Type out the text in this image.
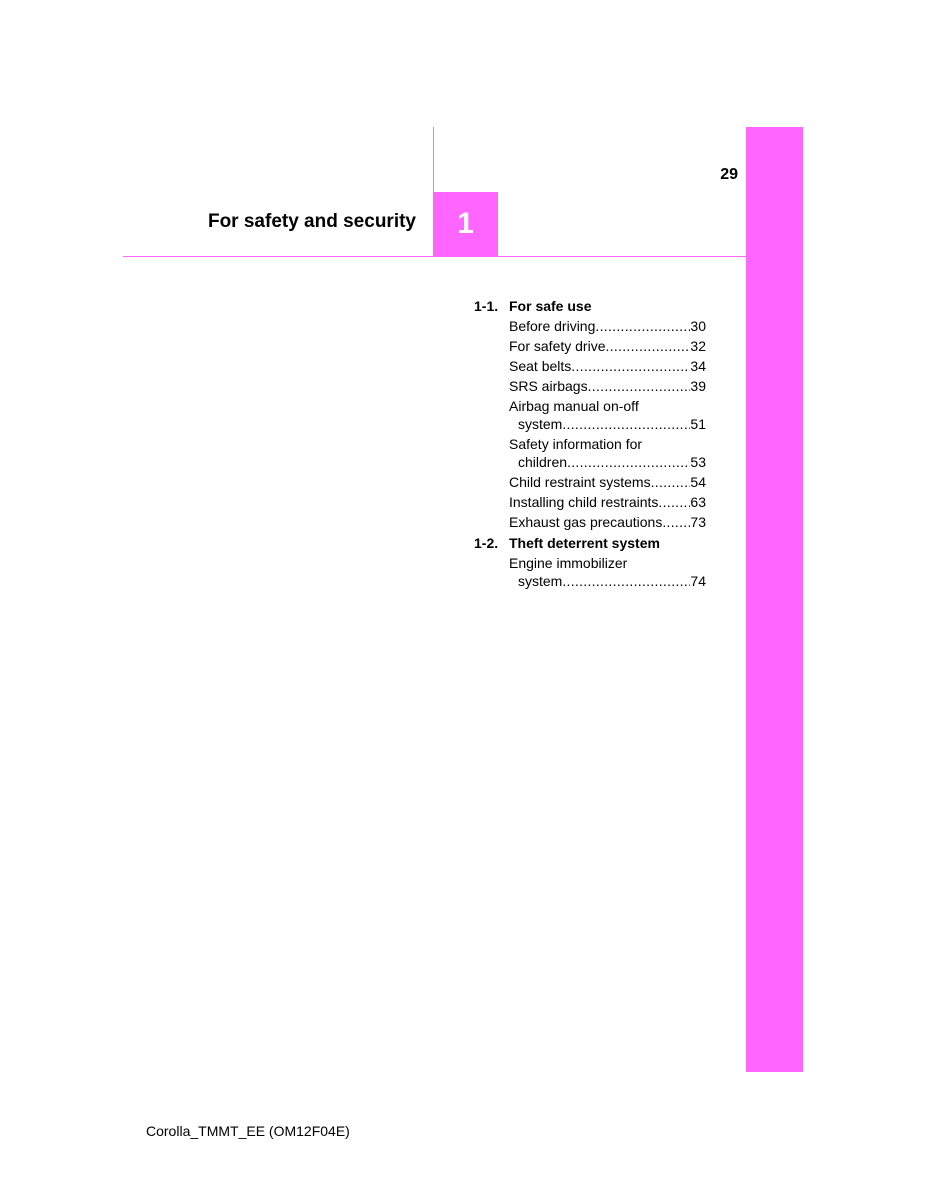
1
For safety and security
29
1-1. For safe use
Before driving .....	30
For safety drive .....	32
Seat belts .....	34
SRS airbags .....	39
Airbag manual on-off
system .....	51
Safety information for
children .....	53
Child restraint systems .....	54
Installing child restraints ..... 63
Exhaust gas precautions ..... 73
1-2. Theft deterrent system
Engine immobilizer
system .....	74
Corolla_TMMT_EE (OM12F04E)
